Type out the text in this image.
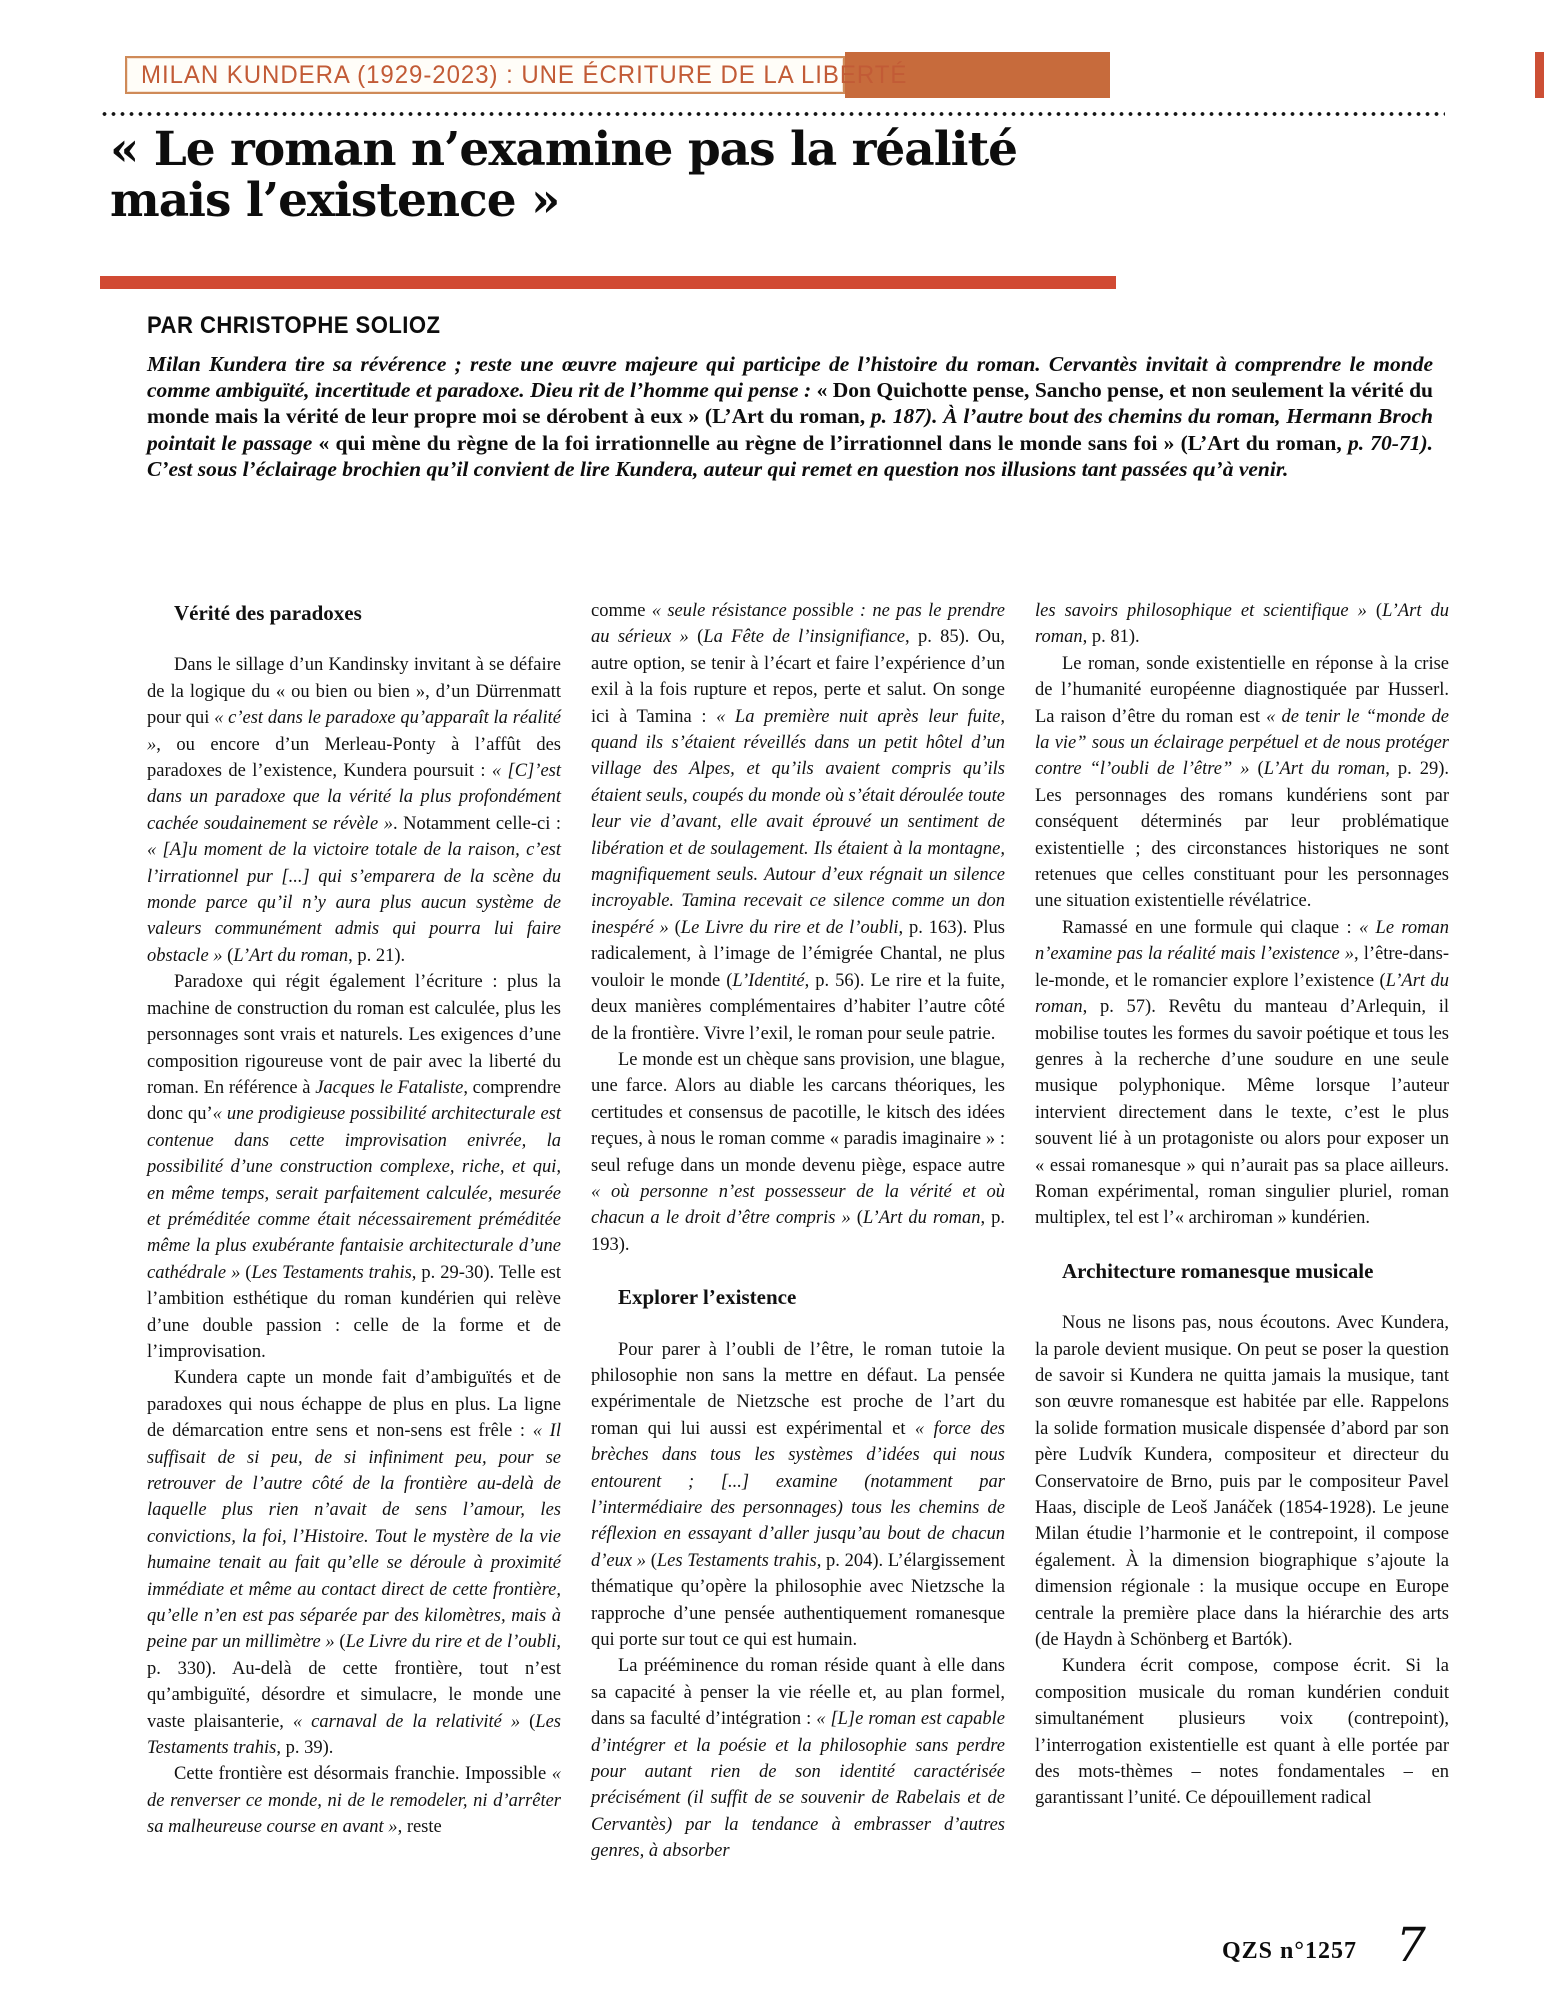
MILAN KUNDERA (1929-2023) : UNE ÉCRITURE DE LA LIBERTÉ
« Le roman n’examine pas la réalité
mais l’existence »
PAR CHRISTOPHE SOLIOZ

Milan Kundera tire sa révérence ; reste une œuvre majeure qui participe de l’histoire du roman. Cervantès invitait à comprendre le monde comme ambiguïté, incertitude et paradoxe. Dieu rit de l’homme qui pense : « Don Quichotte pense, Sancho pense, et non seulement la vérité du monde mais la vérité de leur propre moi se dérobent à eux » (L’Art du roman, p. 187). À l’autre bout des chemins du roman, Hermann Broch pointait le passage « qui mène du règne de la foi irrationnelle au règne de l’irrationnel dans le monde sans foi » (L’Art du roman, p. 70-71). C’est sous l’éclairage brochien qu’il convient de lire Kundera, auteur qui remet en question nos illusions tant passées qu’à venir.

Vérité des paradoxes

Dans le sillage d’un Kandinsky invitant à se défaire de la logique du « ou bien ou bien », d’un Dürrenmatt pour qui « c’est dans le paradoxe qu’apparaît la réalité », ou encore d’un Merleau-Ponty à l’affût des paradoxes de l’existence, Kundera poursuit : « [C]’est dans un paradoxe que la vérité la plus profondément cachée soudainement se révèle ». Notamment celle-ci : « [A]u moment de la victoire totale de la raison, c’est l’irrationnel pur [...] qui s’emparera de la scène du monde parce qu’il n’y aura plus aucun système de valeurs communément admis qui pourra lui faire obstacle » (L’Art du roman, p. 21).

Paradoxe qui régit également l’écriture : plus la machine de construction du roman est calculée, plus les personnages sont vrais et naturels. Les exigences d’une composition rigoureuse vont de pair avec la liberté du roman. En référence à Jacques le Fataliste, comprendre donc qu’« une prodigieuse possibilité architecturale est contenue dans cette improvisation enivrée, la possibilité d’une construction complexe, riche, et qui, en même temps, serait parfaitement calculée, mesurée et préméditée comme était nécessairement préméditée même la plus exubérante fantaisie architecturale d’une cathédrale » (Les Testaments trahis, p. 29-30). Telle est l’ambition esthétique du roman kundérien qui relève d’une double passion : celle de la forme et de l’improvisation.

Kundera capte un monde fait d’ambiguïtés et de paradoxes qui nous échappe de plus en plus. La ligne de démarcation entre sens et non-sens est frêle : « Il suffisait de si peu, de si infiniment peu, pour se retrouver de l’autre côté de la frontière au-delà de laquelle plus rien n’avait de sens l’amour, les convictions, la foi, l’Histoire. Tout le mystère de la vie humaine tenait au fait qu’elle se déroule à proximité immédiate et même au contact direct de cette frontière, qu’elle n’en est pas séparée par des kilomètres, mais à peine par un millimètre » (Le Livre du rire et de l’oubli, p. 330). Au-delà de cette frontière, tout n’est qu’ambiguïté, désordre et simulacre, le monde une vaste plaisanterie, « carnaval de la relativité » (Les Testaments trahis, p. 39).

Cette frontière est désormais franchie. Impossible « de renverser ce monde, ni de le remodeler, ni d’arrêter sa malheureuse course en avant », reste

comme « seule résistance possible : ne pas le prendre au sérieux » (La Fête de l’insignifiance, p. 85). Ou, autre option, se tenir à l’écart et faire l’expérience d’un exil à la fois rupture et repos, perte et salut. On songe ici à Tamina : « La première nuit après leur fuite, quand ils s’étaient réveillés dans un petit hôtel d’un village des Alpes, et qu’ils avaient compris qu’ils étaient seuls, coupés du monde où s’était déroulée toute leur vie d’avant, elle avait éprouvé un sentiment de libération et de soulagement. Ils étaient à la montagne, magnifiquement seuls. Autour d’eux régnait un silence incroyable. Tamina recevait ce silence comme un don inespéré » (Le Livre du rire et de l’oubli, p. 163). Plus radicalement, à l’image de l’émigrée Chantal, ne plus vouloir le monde (L’Identité, p. 56). Le rire et la fuite, deux manières complémentaires d’habiter l’autre côté de la frontière. Vivre l’exil, le roman pour seule patrie.

Le monde est un chèque sans provision, une blague, une farce. Alors au diable les carcans théoriques, les certitudes et consensus de pacotille, le kitsch des idées reçues, à nous le roman comme « paradis imaginaire » : seul refuge dans un monde devenu piège, espace autre « où personne n’est possesseur de la vérité et où chacun a le droit d’être compris » (L’Art du roman, p. 193).

Explorer l’existence

Pour parer à l’oubli de l’être, le roman tutoie la philosophie non sans la mettre en défaut. La pensée expérimentale de Nietzsche est proche de l’art du roman qui lui aussi est expérimental et « force des brèches dans tous les systèmes d’idées qui nous entourent ; [...] examine (notamment par l’intermédiaire des personnages) tous les chemins de réflexion en essayant d’aller jusqu’au bout de chacun d’eux » (Les Testaments trahis, p. 204). L’élargissement thématique qu’opère la philosophie avec Nietzsche la rapproche d’une pensée authentiquement romanesque qui porte sur tout ce qui est humain.

La prééminence du roman réside quant à elle dans sa capacité à penser la vie réelle et, au plan formel, dans sa faculté d’intégration : « [L]e roman est capable d’intégrer et la poésie et la philosophie sans perdre pour autant rien de son identité caractérisée précisément (il suffit de se souvenir de Rabelais et de Cervantès) par la tendance à embrasser d’autres genres, à absorber

les savoirs philosophique et scientifique » (L’Art du roman, p. 81).

Le roman, sonde existentielle en réponse à la crise de l’humanité européenne diagnostiquée par Husserl. La raison d’être du roman est « de tenir le “monde de la vie” sous un éclairage perpétuel et de nous protéger contre “l’oubli de l’être” » (L’Art du roman, p. 29). Les personnages des romans kundériens sont par conséquent déterminés par leur problématique existentielle ; des circonstances historiques ne sont retenues que celles constituant pour les personnages une situation existentielle révélatrice.

Ramassé en une formule qui claque : « Le roman n’examine pas la réalité mais l’existence », l’être-dans-le-monde, et le romancier explore l’existence (L’Art du roman, p. 57). Revêtu du manteau d’Arlequin, il mobilise toutes les formes du savoir poétique et tous les genres à la recherche d’une soudure en une seule musique polyphonique. Même lorsque l’auteur intervient directement dans le texte, c’est le plus souvent lié à un protagoniste ou alors pour exposer un « essai romanesque » qui n’aurait pas sa place ailleurs. Roman expérimental, roman singulier pluriel, roman multiplex, tel est l’« archiroman » kundérien.

Architecture romanesque musicale

Nous ne lisons pas, nous écoutons. Avec Kundera, la parole devient musique. On peut se poser la question de savoir si Kundera ne quitta jamais la musique, tant son œuvre romanesque est habitée par elle. Rappelons la solide formation musicale dispensée d’abord par son père Ludvík Kundera, compositeur et directeur du Conservatoire de Brno, puis par le compositeur Pavel Haas, disciple de Leoš Janáček (1854-1928). Le jeune Milan étudie l’harmonie et le contrepoint, il compose également. À la dimension biographique s’ajoute la dimension régionale : la musique occupe en Europe centrale la première place dans la hiérarchie des arts (de Haydn à Schönberg et Bartók).

Kundera écrit compose, compose écrit. Si la composition musicale du roman kundérien conduit simultanément plusieurs voix (contrepoint), l’interrogation existentielle est quant à elle portée par des mots-thèmes – notes fondamentales – en garantissant l’unité. Ce dépouillement radical

QZS n°1257 7
